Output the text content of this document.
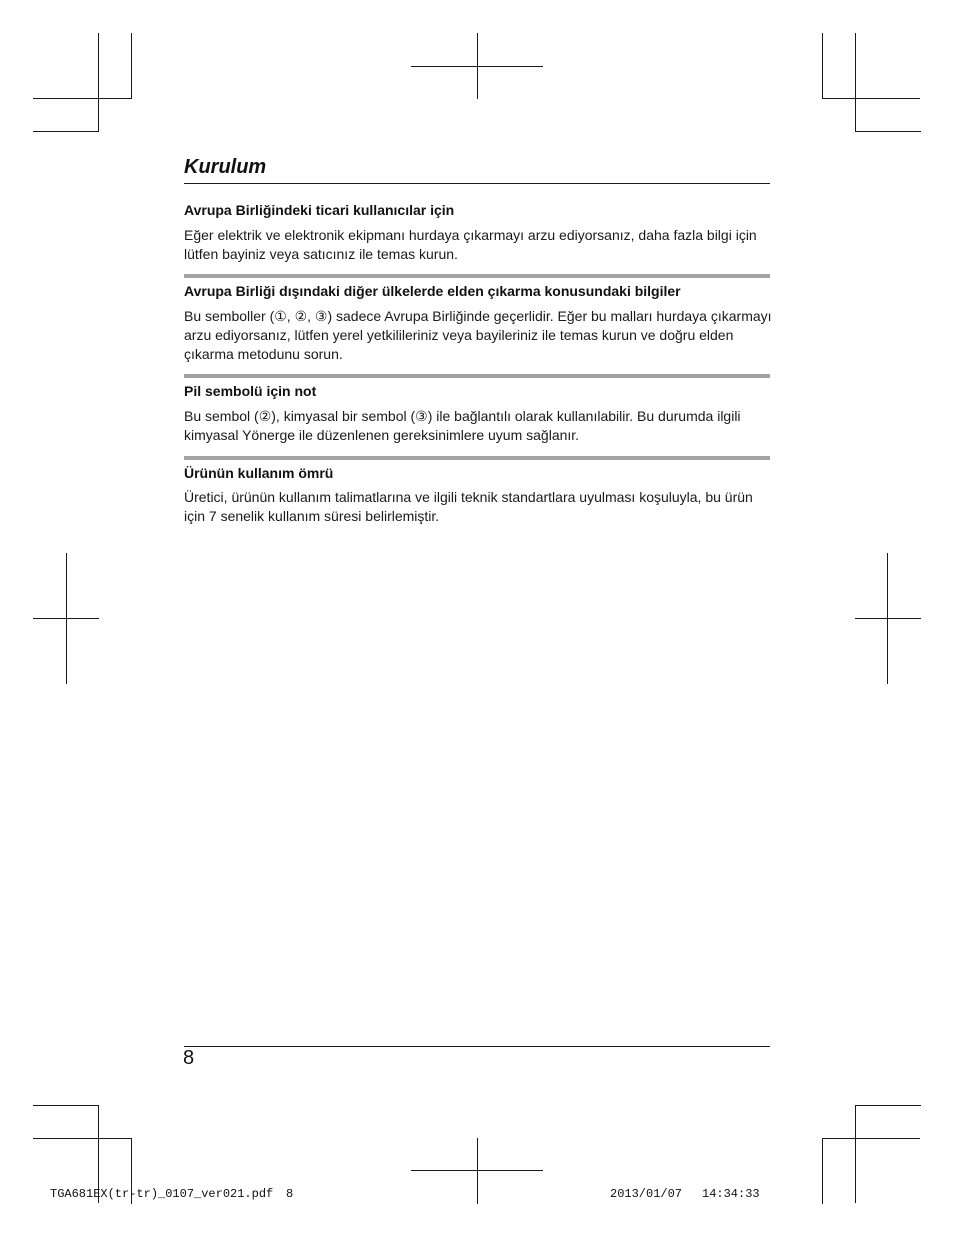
Kurulum
Avrupa Birliğindeki ticari kullanıcılar için
Eğer elektrik ve elektronik ekipmanı hurdaya çıkarmayı arzu ediyorsanız, daha fazla bilgi için lütfen bayiniz veya satıcınız ile temas kurun.
Avrupa Birliği dışındaki diğer ülkelerde elden çıkarma konusundaki bilgiler
Bu semboller (①, ②, ③) sadece Avrupa Birliğinde geçerlidir. Eğer bu malları hurdaya çıkarmayı arzu ediyorsanız, lütfen yerel yetkilileriniz veya bayileriniz ile temas kurun ve doğru elden çıkarma metodunu sorun.
Pil sembolü için not
Bu sembol (②), kimyasal bir sembol (③) ile bağlantılı olarak kullanılabilir. Bu durumda ilgili kimyasal Yönerge ile düzenlenen gereksinimlere uyum sağlanır.
Ürünün kullanım ömrü
Üretici, ürünün kullanım talimatlarına ve ilgili teknik standartlara uyulması koşuluyla, bu ürün için 7 senelik kullanım süresi belirlemiştir.
8
TGA681EX(tr-tr)_0107_ver021.pdf 8	2013/01/07 14:34:33
